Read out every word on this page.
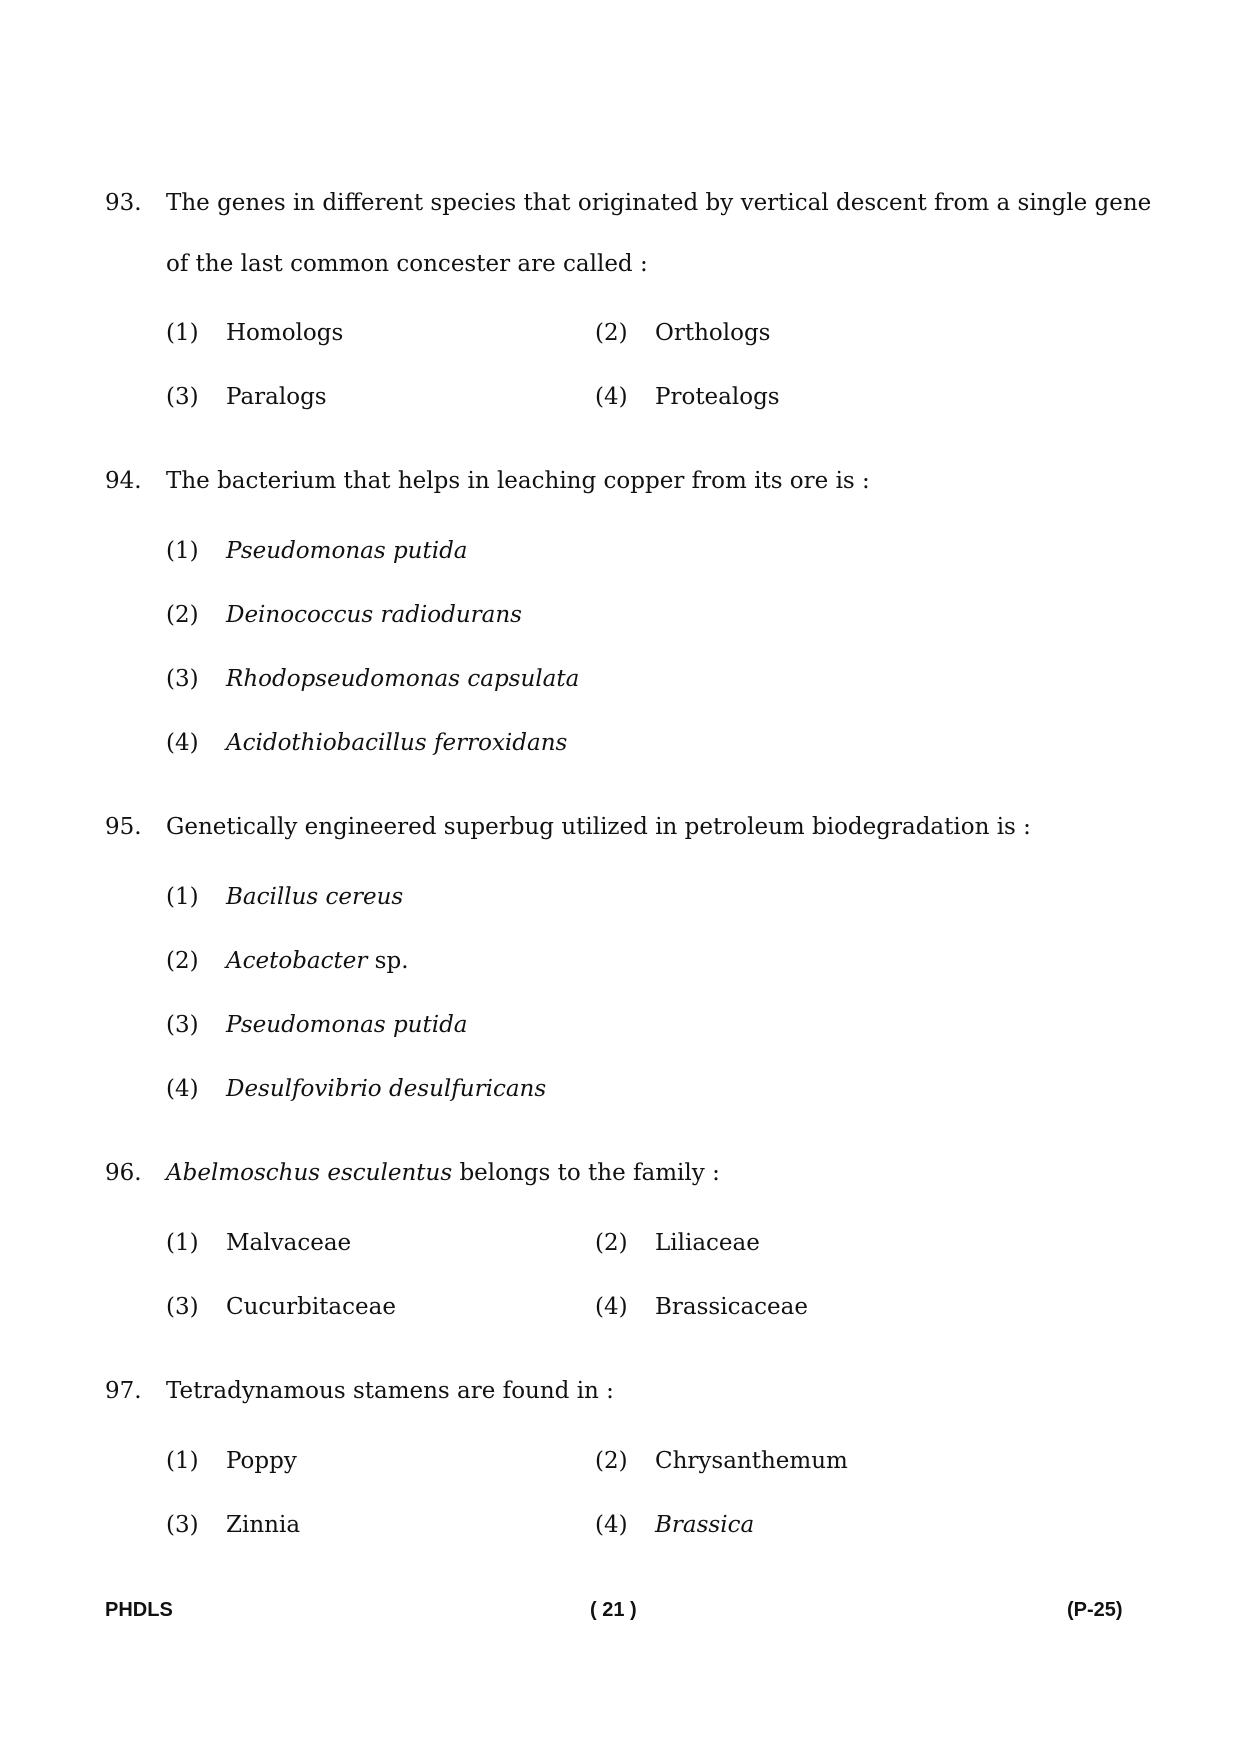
93. The genes in different species that originated by vertical descent from a single gene
of the last common concester are called :
(1) Homologs	(2) Orthologs
(3) Paralogs	(4) Protealogs
94. The bacterium that helps in leaching copper from its ore is :
(1) Pseudomonas putida
(2) Deinococcus radiodurans
(3) Rhodopseudomonas capsulata
(4) Acidothiobacillus ferroxidans
95. Genetically engineered superbug utilized in petroleum biodegradation is :
(1) Bacillus cereus
(2) Acetobacter sp.
(3) Pseudomonas putida
(4) Desulfovibrio desulfuricans
96. Abelmoschus esculentus belongs to the family :
(1) Malvaceae	(2) Liliaceae
(3) Cucurbitaceae	(4) Brassicaceae
97. Tetradynamous stamens are found in :
(1) Poppy	(2) Chrysanthemum
(3) Zinnia	(4) Brassica
PHDLS	( 21 )	(P-25)
